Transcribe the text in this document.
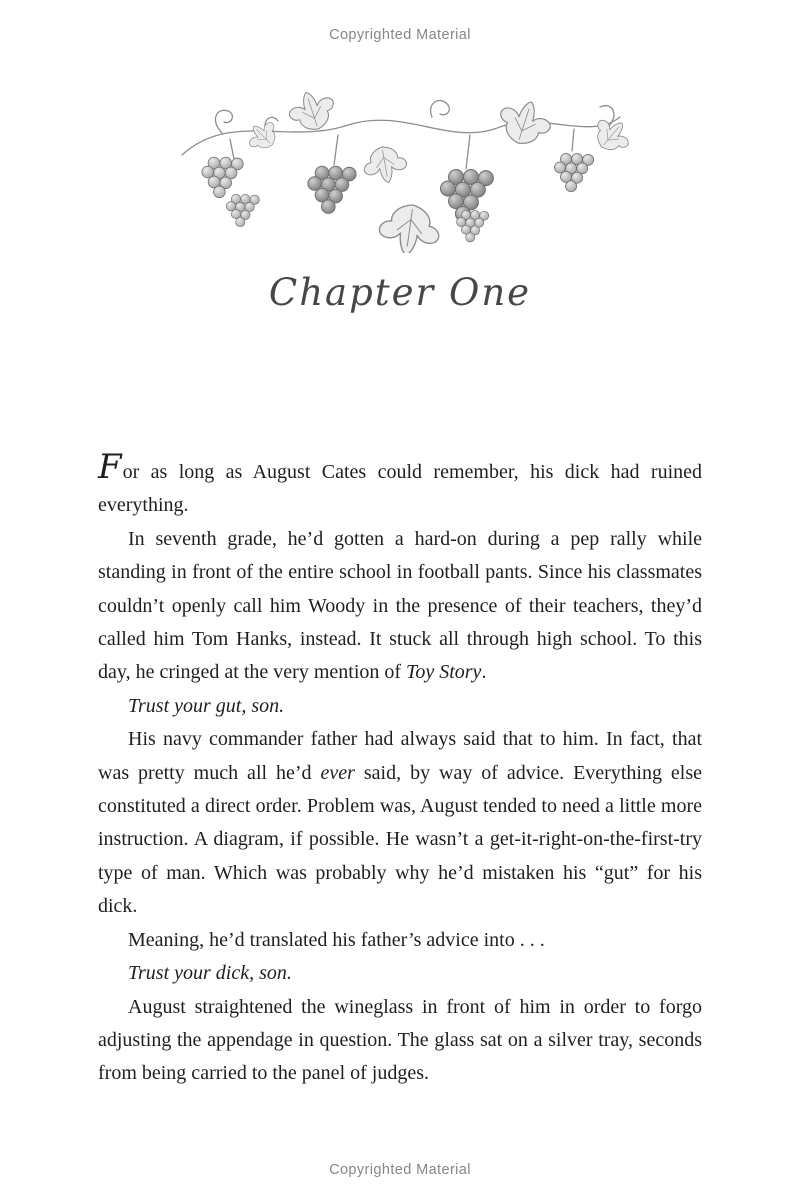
Copyrighted Material
Chapter One

For as long as August Cates could remember, his dick had ruined everything.

In seventh grade, he’d gotten a hard-on during a pep rally while standing in front of the entire school in football pants. Since his classmates couldn’t openly call him Woody in the presence of their teachers, they’d called him Tom Hanks, instead. It stuck all through high school. To this day, he cringed at the very mention of Toy Story.

Trust your gut, son.

His navy commander father had always said that to him. In fact, that was pretty much all he’d ever said, by way of advice. Everything else constituted a direct order. Problem was, August tended to need a little more instruction. A diagram, if possible. He wasn’t a get-it-right-on-the-first-try type of man. Which was probably why he’d mistaken his “gut” for his dick.

Meaning, he’d translated his father’s advice into . . .

Trust your dick, son.

August straightened the wineglass in front of him in order to forgo adjusting the appendage in question. The glass sat on a silver tray, seconds from being carried to the panel of judges.

Copyrighted Material
